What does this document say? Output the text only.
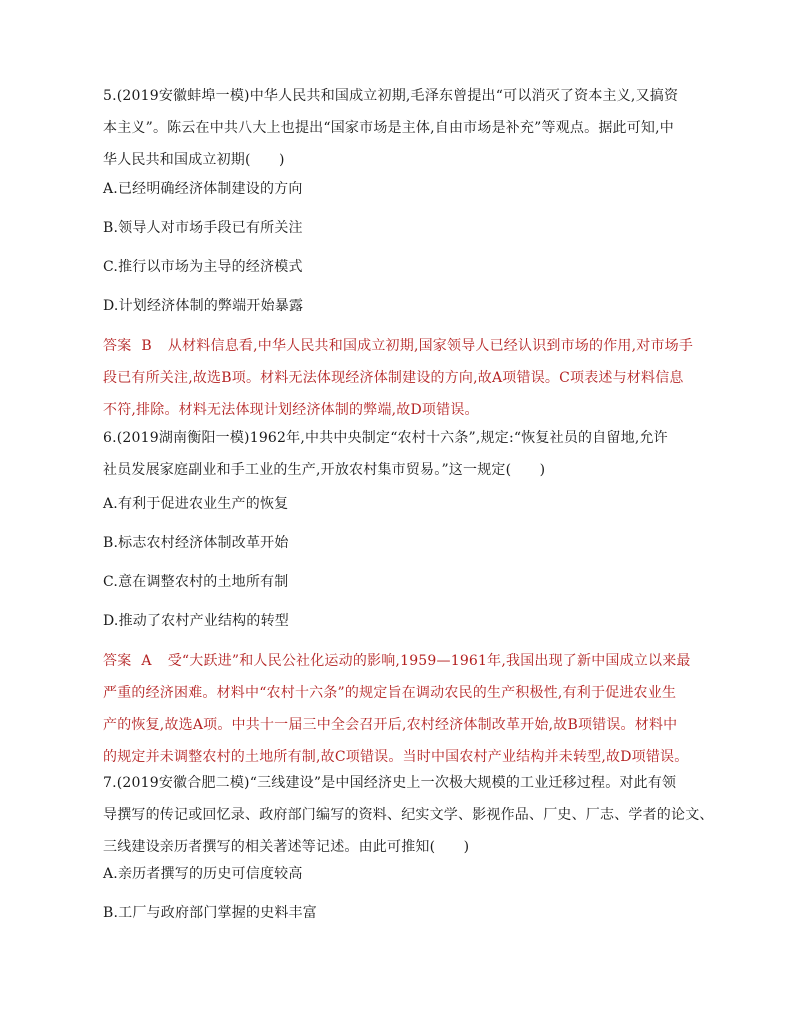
5.(2019安徽蚌埠一模)中华人民共和国成立初期,毛泽东曾提出“可以消灭了资本主义,又搞资
本主义”。陈云在中共八大上也提出“国家市场是主体,自由市场是补充”等观点。据此可知,中
华人民共和国成立初期(　　)
A.已经明确经济体制建设的方向
B.领导人对市场手段已有所关注
C.推行以市场为主导的经济模式
D.计划经济体制的弊端开始暴露
答案 B 从材料信息看,中华人民共和国成立初期,国家领导人已经认识到市场的作用,对市场手
段已有所关注,故选B项。材料无法体现经济体制建设的方向,故A项错误。C项表述与材料信息
不符,排除。材料无法体现计划经济体制的弊端,故D项错误。
6.(2019湖南衡阳一模)1962年,中共中央制定“农村十六条”,规定:“恢复社员的自留地,允许
社员发展家庭副业和手工业的生产,开放农村集市贸易。”这一规定(　　)
A.有利于促进农业生产的恢复
B.标志农村经济体制改革开始
C.意在调整农村的土地所有制
D.推动了农村产业结构的转型
答案 A 受“大跃进”和人民公社化运动的影响,1959—1961年,我国出现了新中国成立以来最
严重的经济困难。材料中“农村十六条”的规定旨在调动农民的生产积极性,有利于促进农业生
产的恢复,故选A项。中共十一届三中全会召开后,农村经济体制改革开始,故B项错误。材料中
的规定并未调整农村的土地所有制,故C项错误。当时中国农村产业结构并未转型,故D项错误。
7.(2019安徽合肥二模)“三线建设”是中国经济史上一次极大规模的工业迁移过程。对此有领
导撰写的传记或回忆录、政府部门编写的资料、纪实文学、影视作品、厂史、厂志、学者的论文、
三线建设亲历者撰写的相关著述等记述。由此可推知(　　)
A.亲历者撰写的历史可信度较高
B.工厂与政府部门掌握的史料丰富
